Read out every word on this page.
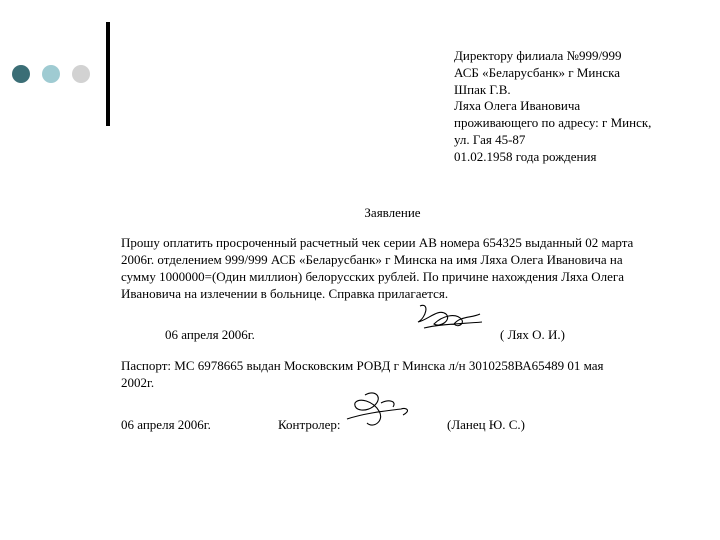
Директору филиала №999/999
АСБ «Беларусбанк» г Минска
Шпак Г.В.
Ляха Олега Ивановича
проживающего по адресу: г Минск,
ул. Гая 45-87
01.02.1958 года рождения
Заявление
Прошу оплатить просроченный расчетный чек серии АВ номера 654325 выданный 02 марта
2006г. отделением 999/999 АСБ «Беларусбанк» г Минска на имя Ляха Олега Ивановича на
сумму 1000000=(Один миллион) белорусских рублей. По причине нахождения Ляха Олега
Ивановича на излечении в больнице. Справка прилагается.
06 апреля 2006г.	( Лях О. И.)
Паспорт: МС 6978665 выдан Московским РОВД г Минска л/н 3010258ВА65489 01 мая
2002г.
06 апреля 2006г.	Контролер:	(Ланец Ю. С.)
